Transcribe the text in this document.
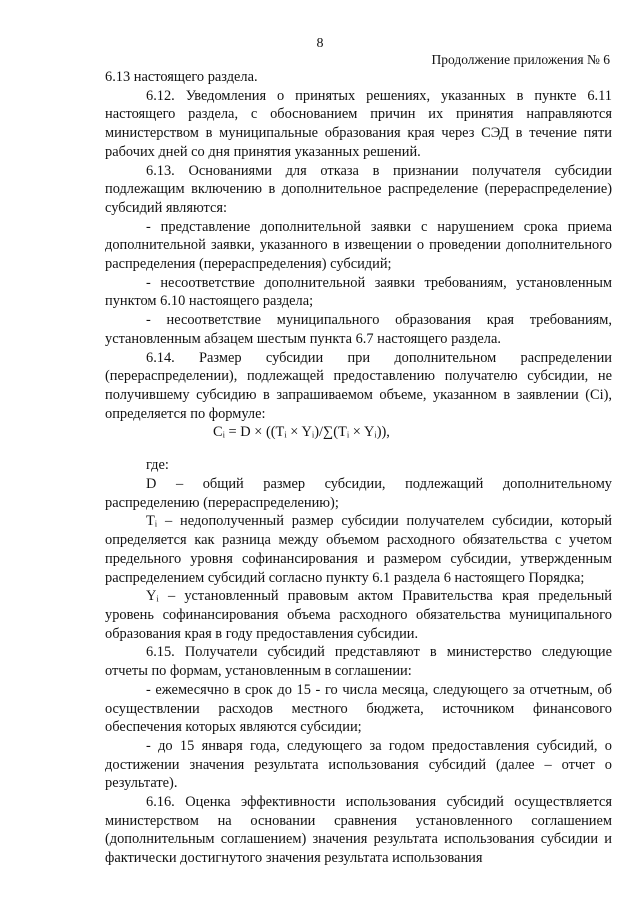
8
Продолжение приложения № 6

6.13 настоящего раздела.

6.12. Уведомления о принятых решениях, указанных в пункте 6.11 настоящего раздела, с обоснованием причин их принятия направляются министерством в муниципальные образования края через СЭД в течение пяти рабочих дней со дня принятия указанных решений.

6.13. Основаниями для отказа в признании получателя субсидии подлежащим включению в дополнительное распределение (перераспределение) субсидий являются:

- представление дополнительной заявки с нарушением срока приема дополнительной заявки, указанного в извещении о проведении дополнительного распределения (перераспределения) субсидий;

- несоответствие дополнительной заявки требованиям, установленным пунктом 6.10 настоящего раздела;

- несоответствие муниципального образования края требованиям, установленным абзацем шестым пункта 6.7 настоящего раздела.

6.14. Размер субсидии при дополнительном распределении (перераспределении), подлежащей предоставлению получателю субсидии, не получившему субсидию в запрашиваемом объеме, указанном в заявлении (Ci), определяется по формуле:

Cᵢ = D × ((Tᵢ × Yᵢ)/∑(Tᵢ × Yᵢ)),

где:

D – общий размер субсидии, подлежащий дополнительному распределению (перераспределению);

Tᵢ – недополученный размер субсидии получателем субсидии, который определяется как разница между объемом расходного обязательства с учетом предельного уровня софинансирования и размером субсидии, утвержденным распределением субсидий согласно пункту 6.1 раздела 6 настоящего Порядка;

Yᵢ – установленный правовым актом Правительства края предельный уровень софинансирования объема расходного обязательства муниципального образования края в году предоставления субсидии.

6.15. Получатели субсидий представляют в министерство следующие отчеты по формам, установленным в соглашении:

- ежемесячно в срок до 15 - го числа месяца, следующего за отчетным, об осуществлении расходов местного бюджета, источником финансового обеспечения которых являются субсидии;

- до 15 января года, следующего за годом предоставления субсидий, о достижении значения результата использования субсидий (далее – отчет о результате).

6.16. Оценка эффективности использования субсидий осуществляется министерством на основании сравнения установленного соглашением (дополнительным соглашением) значения результата использования субсидии и фактически достигнутого значения результата использования
